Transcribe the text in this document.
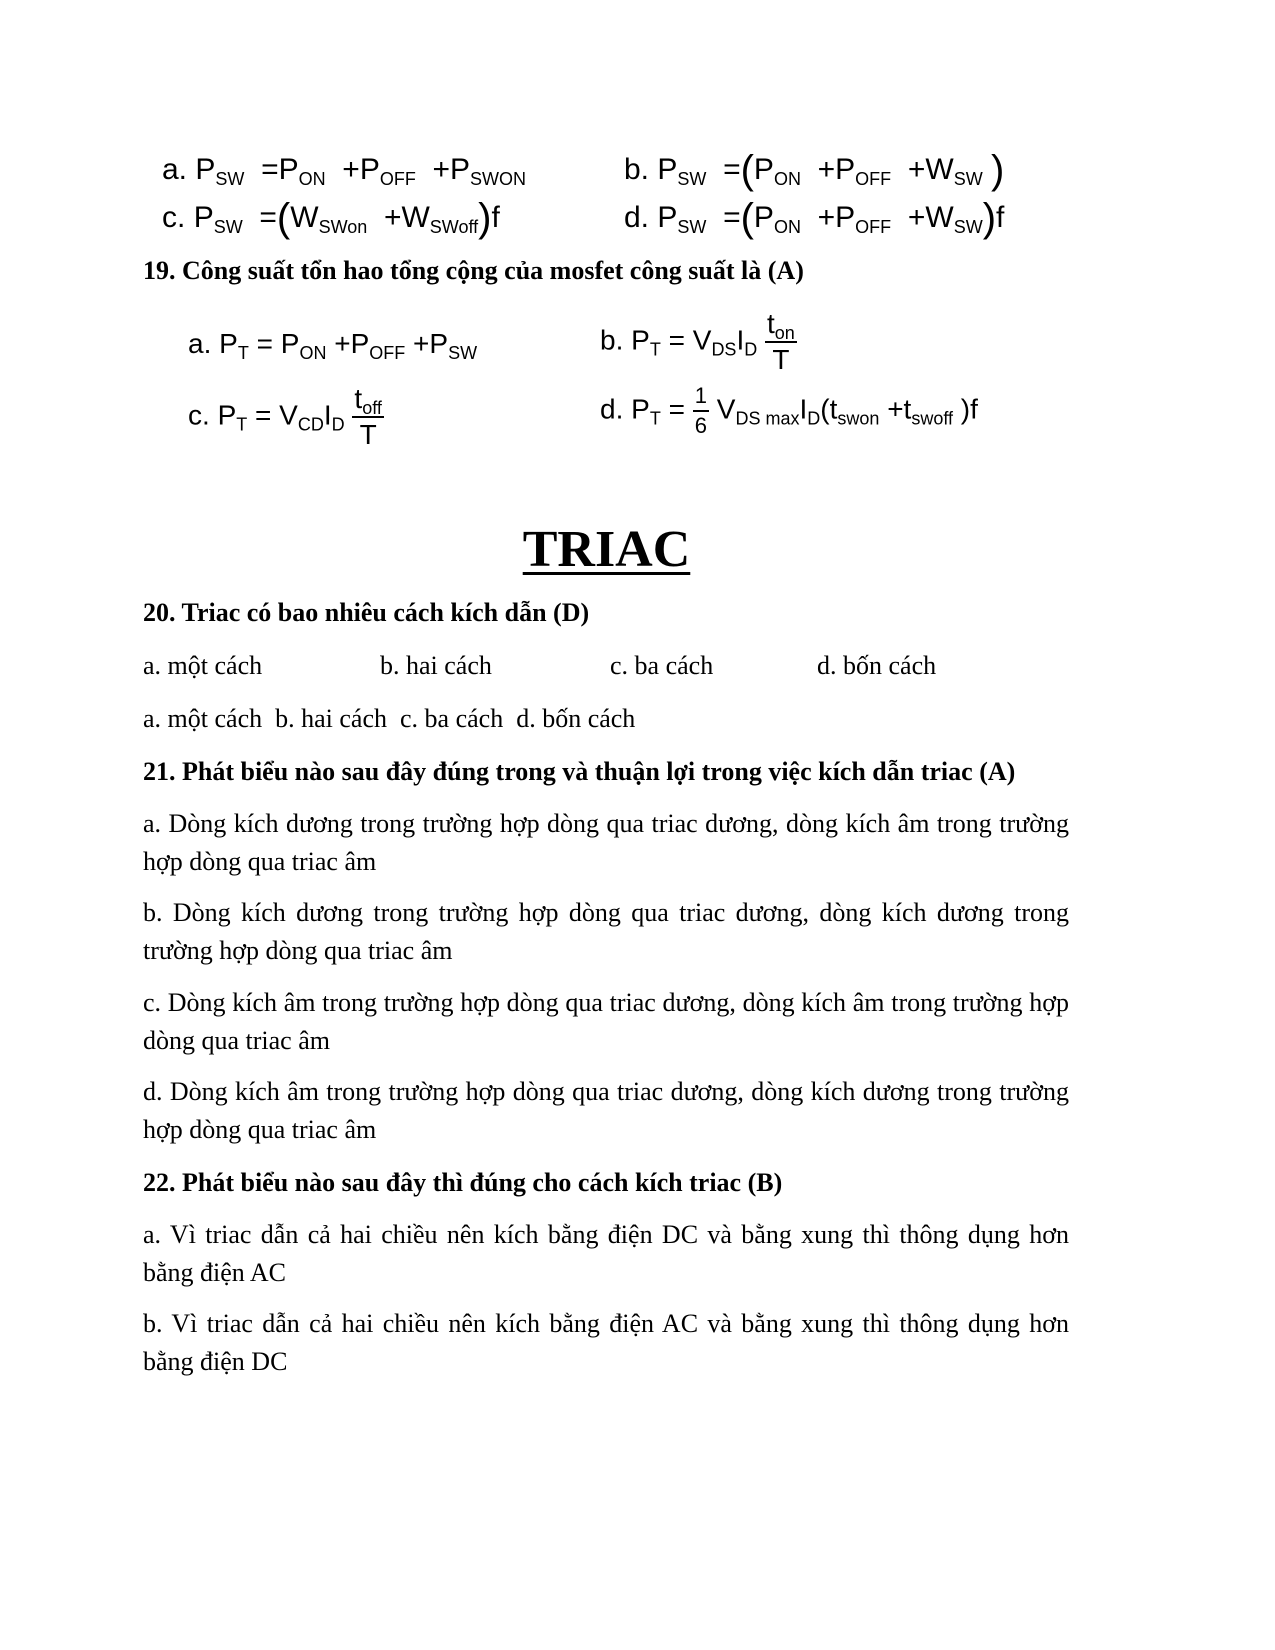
a. $P_{SW} =P_{ON} +P_{OFF} +P_{SWON}$	b. $P_{SW} =(P_{ON} +P_{OFF} +W_{SW}$ )
c. $P_{SW} =(W_{SWon} +W_{SWoff})f$	d. $P_{SW} =(P_{ON} +P_{OFF} +W_{SW})f$
19. Công suất tổn hao tổng cộng của mosfet công suất là (A)
a. $P_T = P_{ON} +P_{OFF} +P_{SW}$	b. $P_T = V_{DS}I_D \frac{t_{on}}{T}$
c. $P_T = V_{CD}I_D \frac{t_{off}}{T}$	d. $P_T = \frac{1}{6} V_{DS max}I_D(t_{swon} +t_{swoff}$ )f
TRIAC
20. Triac có bao nhiêu cách kích dẫn (D)
a. một cách	b. hai cách	c. ba cách	d. bốn cách
a. một cách  b. hai cách  c. ba cách  d. bốn cách
21. Phát biểu nào sau đây đúng trong và thuận lợi trong việc kích dẫn triac (A)
a. Dòng kích dương trong trường hợp dòng qua triac dương, dòng kích âm trong trường hợp dòng qua triac âm
b. Dòng kích dương trong trường hợp dòng qua triac dương, dòng kích dương trong trường hợp dòng qua triac âm
c. Dòng kích âm trong trường hợp dòng qua triac dương, dòng kích âm trong trường hợp dòng qua triac âm
d. Dòng kích âm trong trường hợp dòng qua triac dương, dòng kích dương trong trường hợp dòng qua triac âm
22. Phát biểu nào sau đây thì đúng cho cách kích triac (B)
a. Vì triac dẫn cả hai chiều nên kích bằng điện DC và bằng xung thì thông dụng hơn bằng điện AC
b. Vì triac dẫn cả hai chiều nên kích bằng điện AC và bằng xung thì thông dụng hơn bằng điện DC
